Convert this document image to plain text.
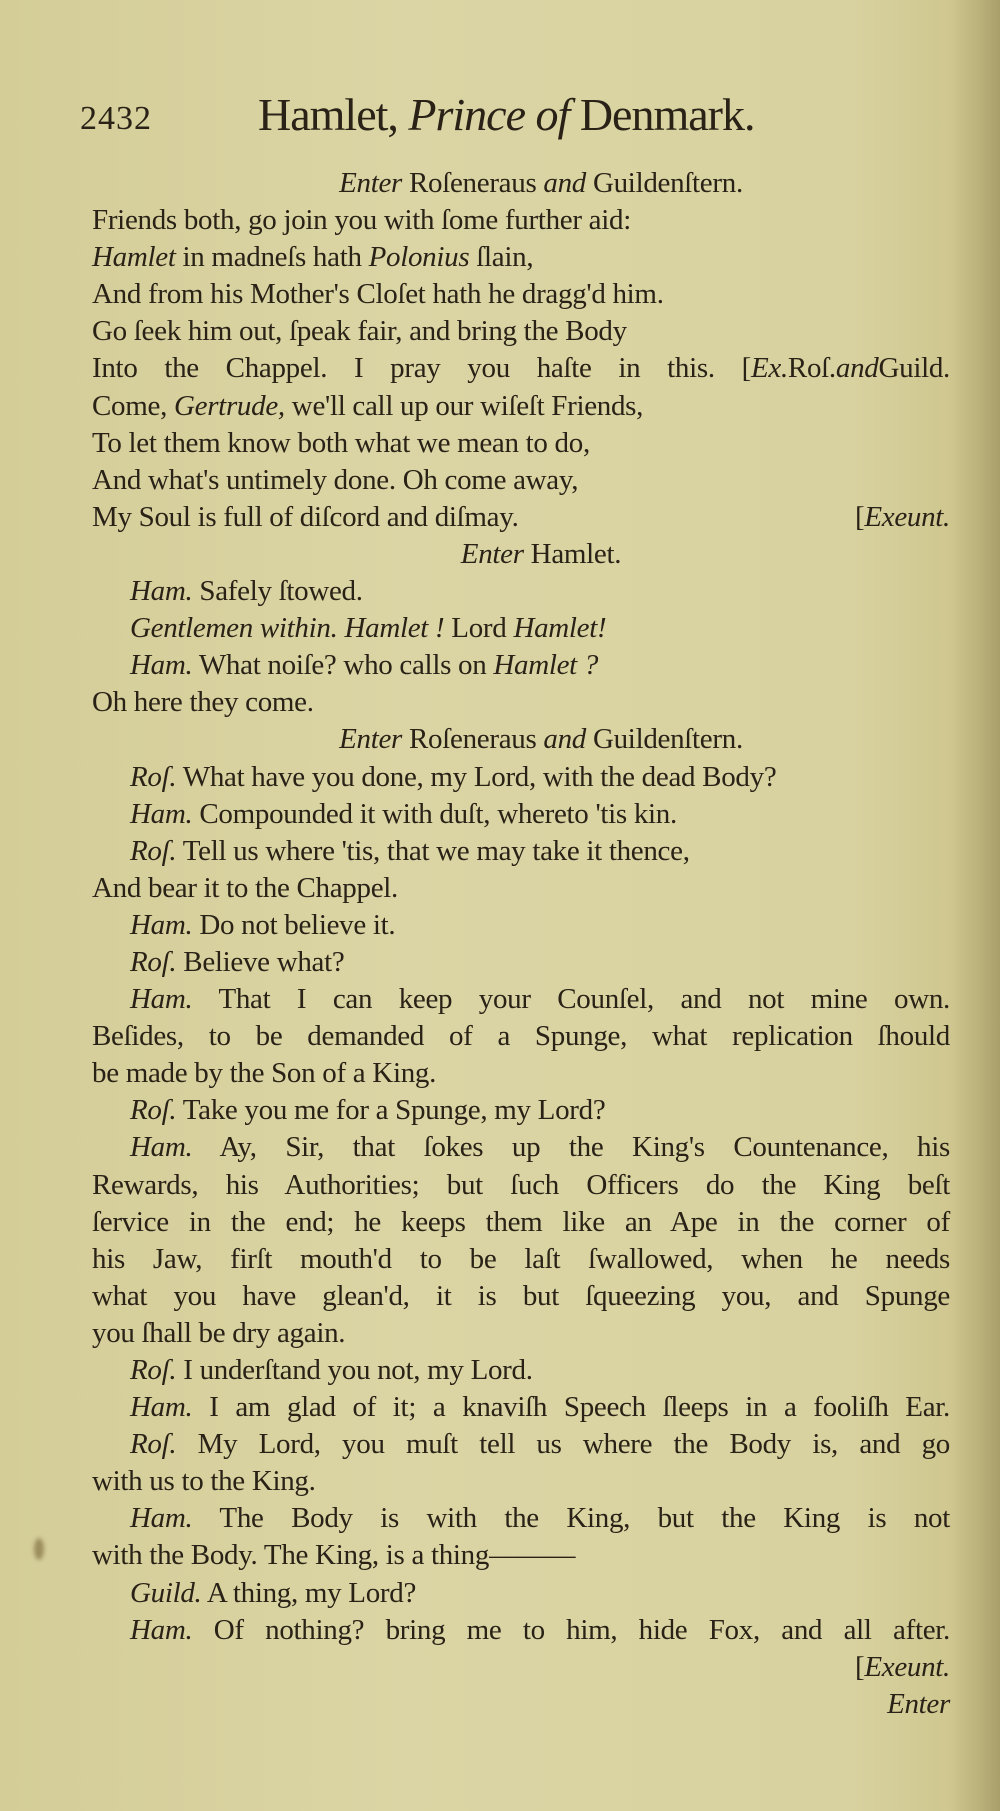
2432 Hamlet, Prince of Denmark.
Enter Roſeneraus and Guildenſtern.
Friends both, go join you with ſome further aid:
Hamlet in madneſs hath Polonius ſlain,
And from his Mother's Cloſet hath he dragg'd him.
Go ſeek him out, ſpeak fair, and bring the Body
Into the Chappel. I pray you haſte in this. [Ex.Roſ.andGuild.
Come, Gertrude, we'll call up our wiſeſt Friends,
To let them know both what we mean to do,
And what's untimely done. Oh come away,
My Soul is full of diſcord and diſmay.	[Exeunt.
Enter Hamlet.
Ham. Safely ſtowed.
Gentlemen within. Hamlet ! Lord Hamlet!
Ham. What noiſe? who calls on Hamlet ?
Oh here they come.
Enter Roſeneraus and Guildenſtern.
Roſ. What have you done, my Lord, with the dead Body?
Ham. Compounded it with duſt, whereto 'tis kin.
Roſ. Tell us where 'tis, that we may take it thence,
And bear it to the Chappel.
Ham. Do not believe it.
Roſ. Believe what?
Ham. That I can keep your Counſel, and not mine own.
Beſides, to be demanded of a Spunge, what replication ſhould
be made by the Son of a King.
Roſ. Take you me for a Spunge, my Lord?
Ham. Ay, Sir, that ſokes up the King's Countenance, his
Rewards, his Authorities; but ſuch Officers do the King beſt
ſervice in the end; he keeps them like an Ape in the corner of
his Jaw, firſt mouth'd to be laſt ſwallowed, when he needs
what you have glean'd, it is but ſqueezing you, and Spunge
you ſhall be dry again.
Roſ. I underſtand you not, my Lord.
Ham. I am glad of it; a knaviſh Speech ſleeps in a fooliſh Ear.
Roſ. My Lord, you muſt tell us where the Body is, and go
with us to the King.
Ham. The Body is with the King, but the King is not
with the Body. The King, is a thing———
Guild. A thing, my Lord?
Ham. Of nothing? bring me to him, hide Fox, and all after.
[Exeunt.
Enter
